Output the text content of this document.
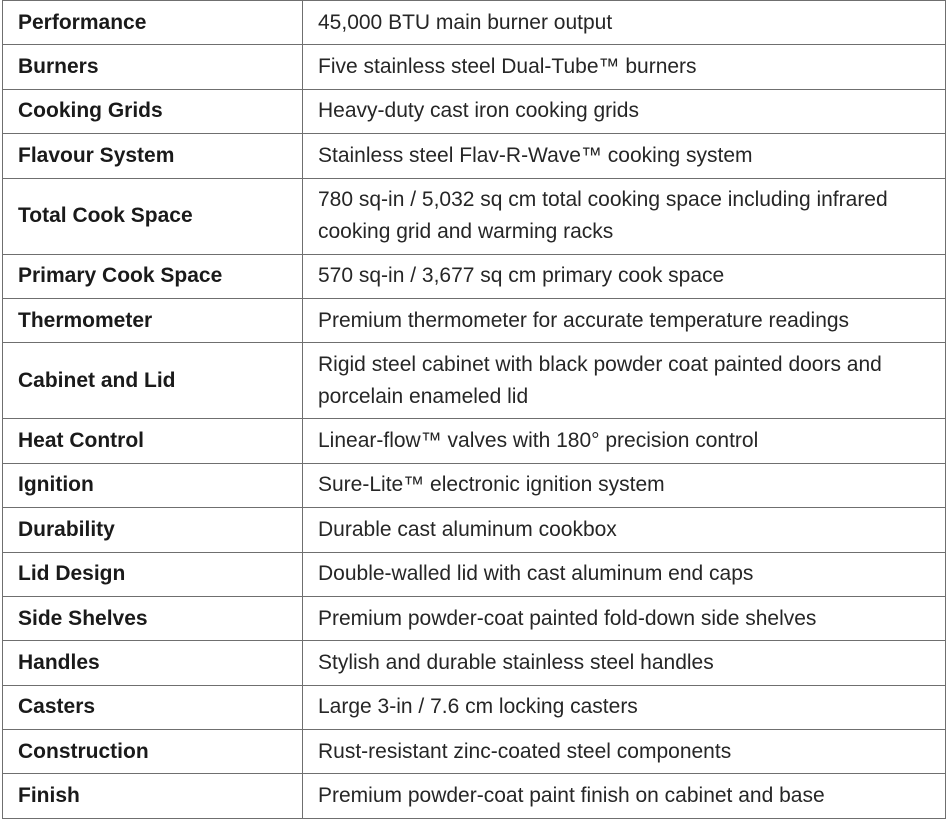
Performance	45,000 BTU main burner output
Burners	Five stainless steel Dual-Tube™ burners
Cooking Grids	Heavy-duty cast iron cooking grids
Flavour System	Stainless steel Flav-R-Wave™ cooking system
Total Cook Space	780 sq-in / 5,032 sq cm total cooking space including infrared cooking grid and warming racks
Primary Cook Space	570 sq-in / 3,677 sq cm primary cook space
Thermometer	Premium thermometer for accurate temperature readings
Cabinet and Lid	Rigid steel cabinet with black powder coat painted doors and porcelain enameled lid
Heat Control	Linear-flow™ valves with 180° precision control
Ignition	Sure-Lite™ electronic ignition system
Durability	Durable cast aluminum cookbox
Lid Design	Double-walled lid with cast aluminum end caps
Side Shelves	Premium powder-coat painted fold-down side shelves
Handles	Stylish and durable stainless steel handles
Casters	Large 3-in / 7.6 cm locking casters
Construction	Rust-resistant zinc-coated steel components
Finish	Premium powder-coat paint finish on cabinet and base
